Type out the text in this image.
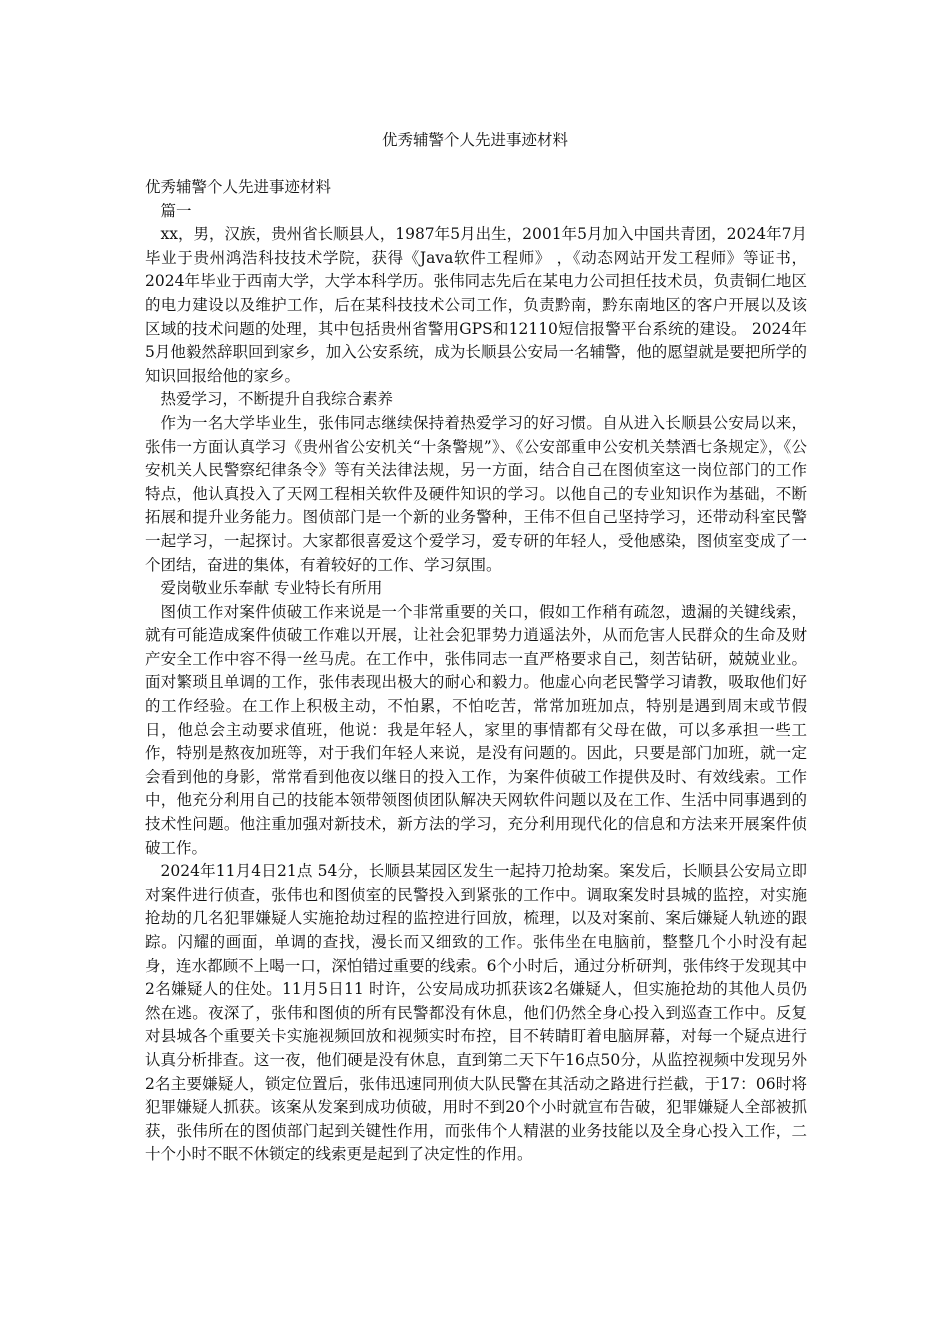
优秀辅警个人先进事迹材料

优秀辅警个人先进事迹材料

篇一

xx，男，汉族，贵州省长顺县人，1987年5月出生，2001年5月加入中国共青团，2024年7月毕业于贵州鸿浩科技技术学院，获得《Java软件工程师》 ，《动态网站开发工程师》等证书，2024年毕业于西南大学，大学本科学历。张伟同志先后在某电力公司担任技术员，负责铜仁地区的电力建设以及维护工作，后在某科技技术公司工作，负责黔南，黔东南地区的客户开展以及该区域的技术问题的处理，其中包括贵州省警用GPS和12110短信报警平台系统的建设。 2024年5月他毅然辞职回到家乡，加入公安系统，成为长顺县公安局一名辅警，他的愿望就是要把所学的知识回报给他的家乡。

热爱学习，不断提升自我综合素养

作为一名大学毕业生，张伟同志继续保持着热爱学习的好习惯。自从进入长顺县公安局以来，张伟一方面认真学习《贵州省公安机关“十条警规”》、《公安部重申公安机关禁酒七条规定》，《公安机关人民警察纪律条令》等有关法律法规，另一方面，结合自己在图侦室这一岗位部门的工作特点，他认真投入了天网工程相关软件及硬件知识的学习。以他自己的专业知识作为基础，不断拓展和提升业务能力。图侦部门是一个新的业务警种，王伟不但自己坚持学习，还带动科室民警一起学习，一起探讨。大家都很喜爱这个爱学习，爱专研的年轻人，受他感染，图侦室变成了一个团结，奋进的集体，有着较好的工作、学习氛围。

爱岗敬业乐奉献 专业特长有所用

图侦工作对案件侦破工作来说是一个非常重要的关口，假如工作稍有疏忽，遗漏的关键线索，就有可能造成案件侦破工作难以开展，让社会犯罪势力逍遥法外，从而危害人民群众的生命及财产安全工作中容不得一丝马虎。在工作中，张伟同志一直严格要求自己，刻苦钻研，兢兢业业。面对繁琐且单调的工作，张伟表现出极大的耐心和毅力。他虚心向老民警学习请教，吸取他们好的工作经验。在工作上积极主动，不怕累，不怕吃苦，常常加班加点，特别是遇到周末或节假日，他总会主动要求值班，他说：我是年轻人，家里的事情都有父母在做，可以多承担一些工作，特别是熬夜加班等，对于我们年轻人来说，是没有问题的。因此，只要是部门加班，就一定会看到他的身影，常常看到他夜以继日的投入工作，为案件侦破工作提供及时、有效线索。工作中，他充分利用自己的技能本领带领图侦团队解决天网软件问题以及在工作、生活中同事遇到的技术性问题。他注重加强对新技术，新方法的学习，充分利用现代化的信息和方法来开展案件侦破工作。

2024年11月4日21点 54分，长顺县某园区发生一起持刀抢劫案。案发后，长顺县公安局立即对案件进行侦查，张伟也和图侦室的民警投入到紧张的工作中。调取案发时县城的监控，对实施抢劫的几名犯罪嫌疑人实施抢劫过程的监控进行回放，梳理，以及对案前、案后嫌疑人轨迹的跟踪。闪耀的画面，单调的查找，漫长而又细致的工作。张伟坐在电脑前，整整几个小时没有起身，连水都顾不上喝一口，深怕错过重要的线索。6个小时后，通过分析研判，张伟终于发现其中2名嫌疑人的住处。11月5日11 时许，公安局成功抓获该2名嫌疑人，但实施抢劫的其他人员仍然在逃。夜深了，张伟和图侦的所有民警都没有休息，他们仍然全身心投入到巡查工作中。反复对县城各个重要关卡实施视频回放和视频实时布控，目不转睛盯着电脑屏幕，对每一个疑点进行认真分析排查。这一夜，他们硬是没有休息，直到第二天下午16点50分，从监控视频中发现另外2名主要嫌疑人，锁定位置后，张伟迅速同刑侦大队民警在其活动之路进行拦截，于17：06时将犯罪嫌疑人抓获。该案从发案到成功侦破，用时不到20个小时就宣布告破，犯罪嫌疑人全部被抓获，张伟所在的图侦部门起到关键性作用，而张伟个人精湛的业务技能以及全身心投入工作，二十个小时不眠不休锁定的线索更是起到了决定性的作用。
